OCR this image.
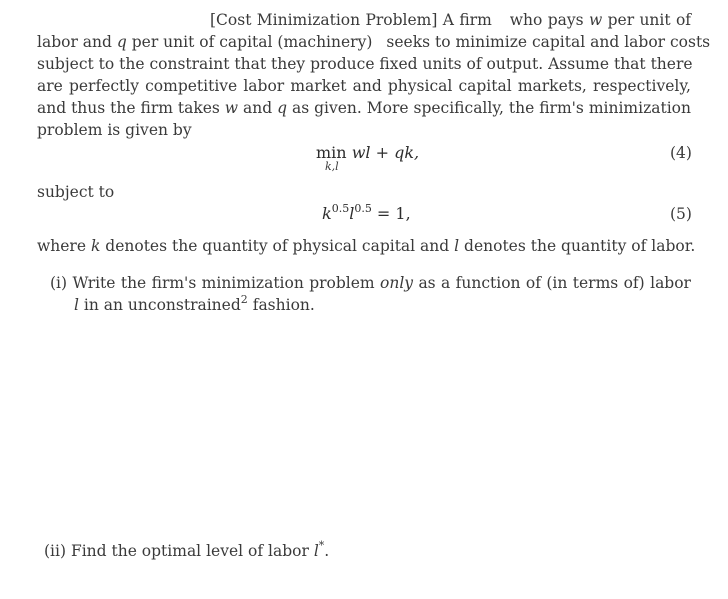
[Cost Minimization Problem] A firm who pays w per unit of
labor and q per unit of capital (machinery) seeks to minimize capital and labor costs
subject to the constraint that they produce fixed units of output. Assume that there
are perfectly competitive labor market and physical capital markets, respectively,
and thus the firm takes w and q as given. More specifically, the firm's minimization
problem is given by
min wl + qk,
k,l
(4)
subject to
$k^{0.5}l^{0.5} = 1$,	(5)
where k denotes the quantity of physical capital and l denotes the quantity of labor.
(i) Write the firm's minimization problem only as a function of (in terms of) labor
l in an unconstrained$^2$ fashion.
(ii) Find the optimal level of labor l*.
